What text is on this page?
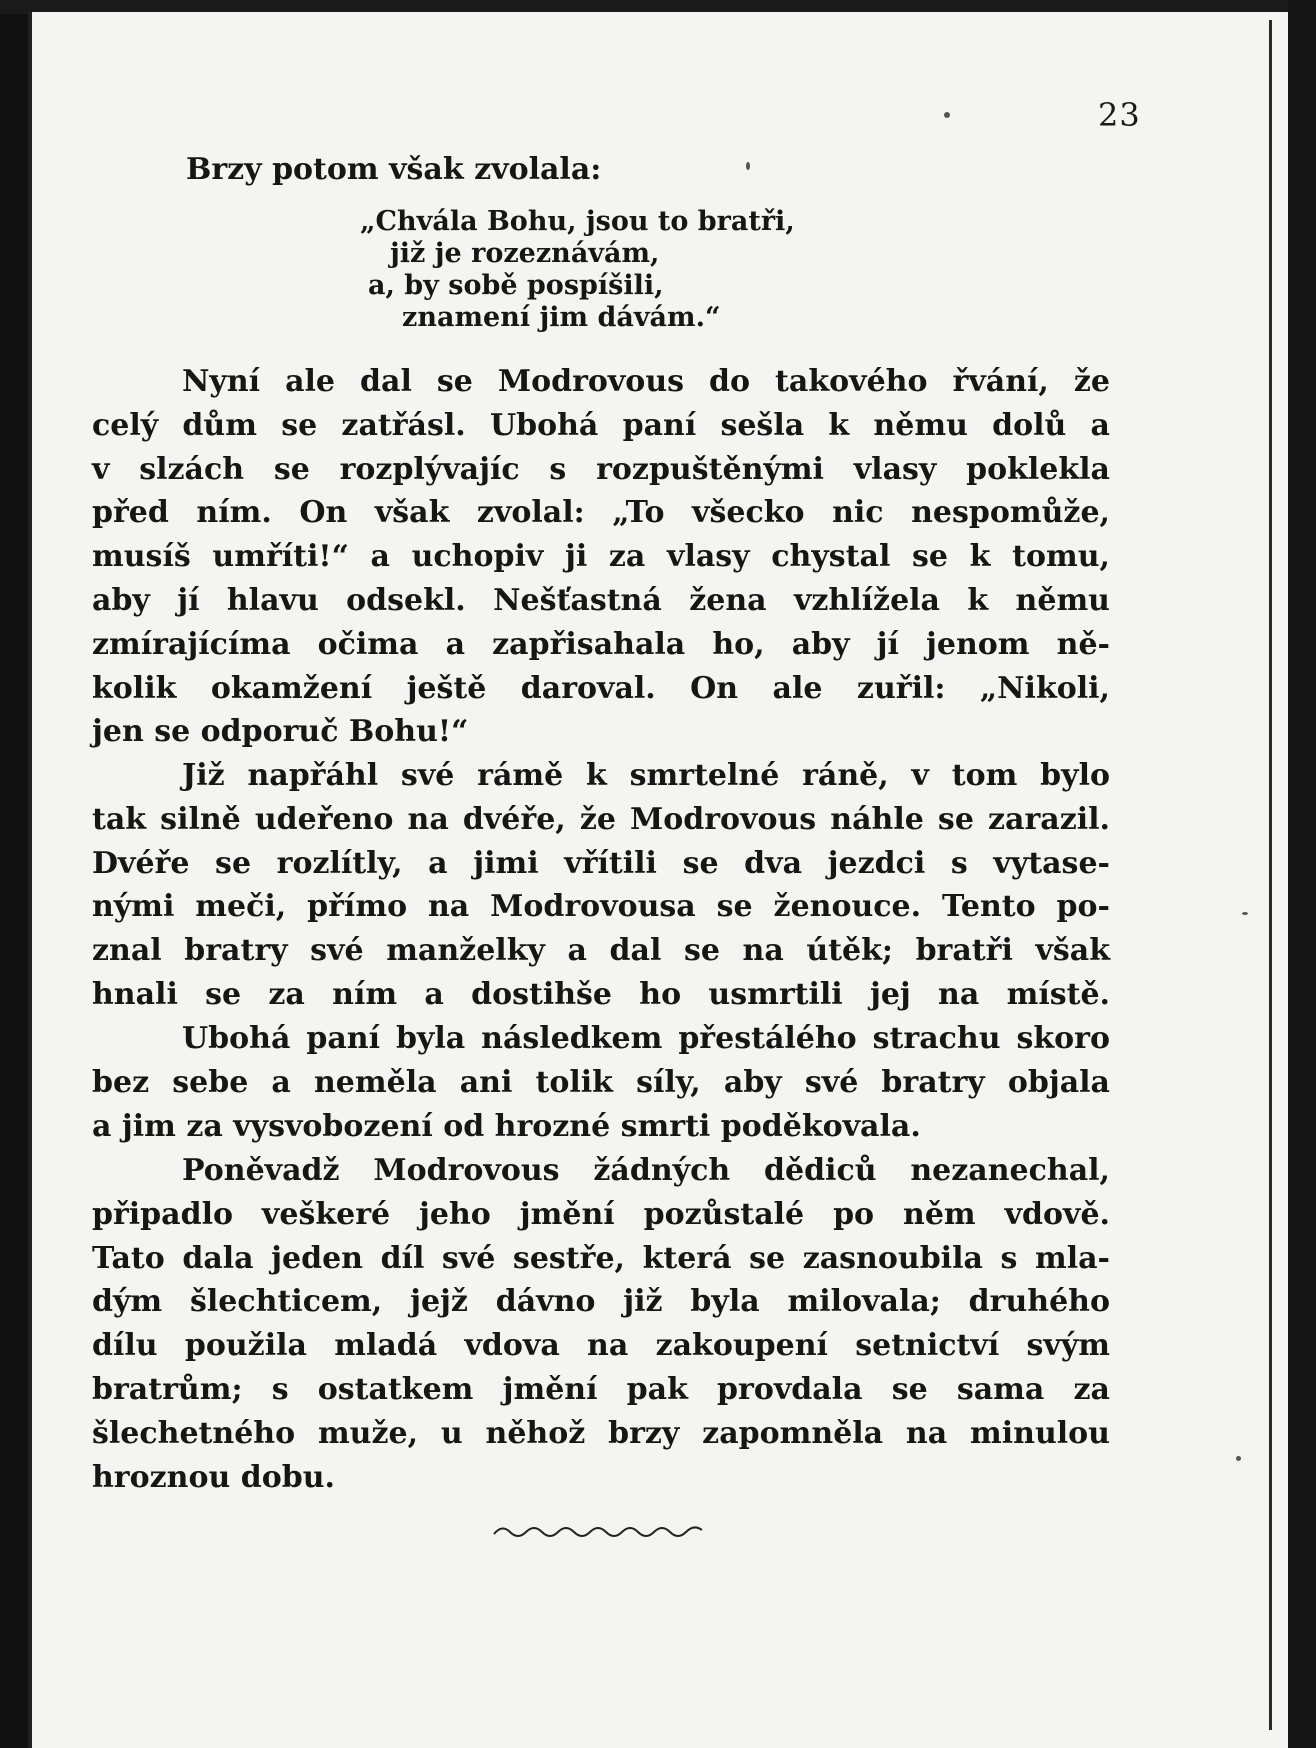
23
Brzy potom však zvolala:
„Chvála Bohu, jsou to bratři,
již je rozeznávám,
a, by sobě pospíšili,
znamení jim dávám.“
Nyní ale dal se Modrovous do takového řvání, že
celý dům se zatřásl. Ubohá paní sešla k němu dolů a
v slzách se rozplývajíc s rozpuštěnými vlasy poklekla
před ním. On však zvolal: „To všecko nic nespomůže,
musíš umříti!“ a uchopiv ji za vlasy chystal se k tomu,
aby jí hlavu odsekl. Nešťastná žena vzhlížela k němu
zmírajícíma očima a zapřisahala ho, aby jí jenom ně-
kolik okamžení ještě daroval. On ale zuřil: „Nikoli,
jen se odporuč Bohu!“
Již napřáhl své rámě k smrtelné ráně, v tom bylo
tak silně udeřeno na dvéře, že Modrovous náhle se zarazil.
Dvéře se rozlítly, a jimi vřítili se dva jezdci s vytase-
nými meči, přímo na Modrovousa se ženouce. Tento po-
znal bratry své manželky a dal se na útěk; bratři však
hnali se za ním a dostihše ho usmrtili jej na místě.
Ubohá paní byla následkem přestálého strachu skoro
bez sebe a neměla ani tolik síly, aby své bratry objala
a jim za vysvobození od hrozné smrti poděkovala.
Poněvadž Modrovous žádných dědiců nezanechal,
připadlo veškeré jeho jmění pozůstalé po něm vdově.
Tato dala jeden díl své sestře, která se zasnoubila s mla-
dým šlechticem, jejž dávno již byla milovala; druhého
dílu použila mladá vdova na zakoupení setnictví svým
bratrům; s ostatkem jmění pak provdala se sama za
šlechetného muže, u něhož brzy zapomněla na minulou
hroznou dobu.
